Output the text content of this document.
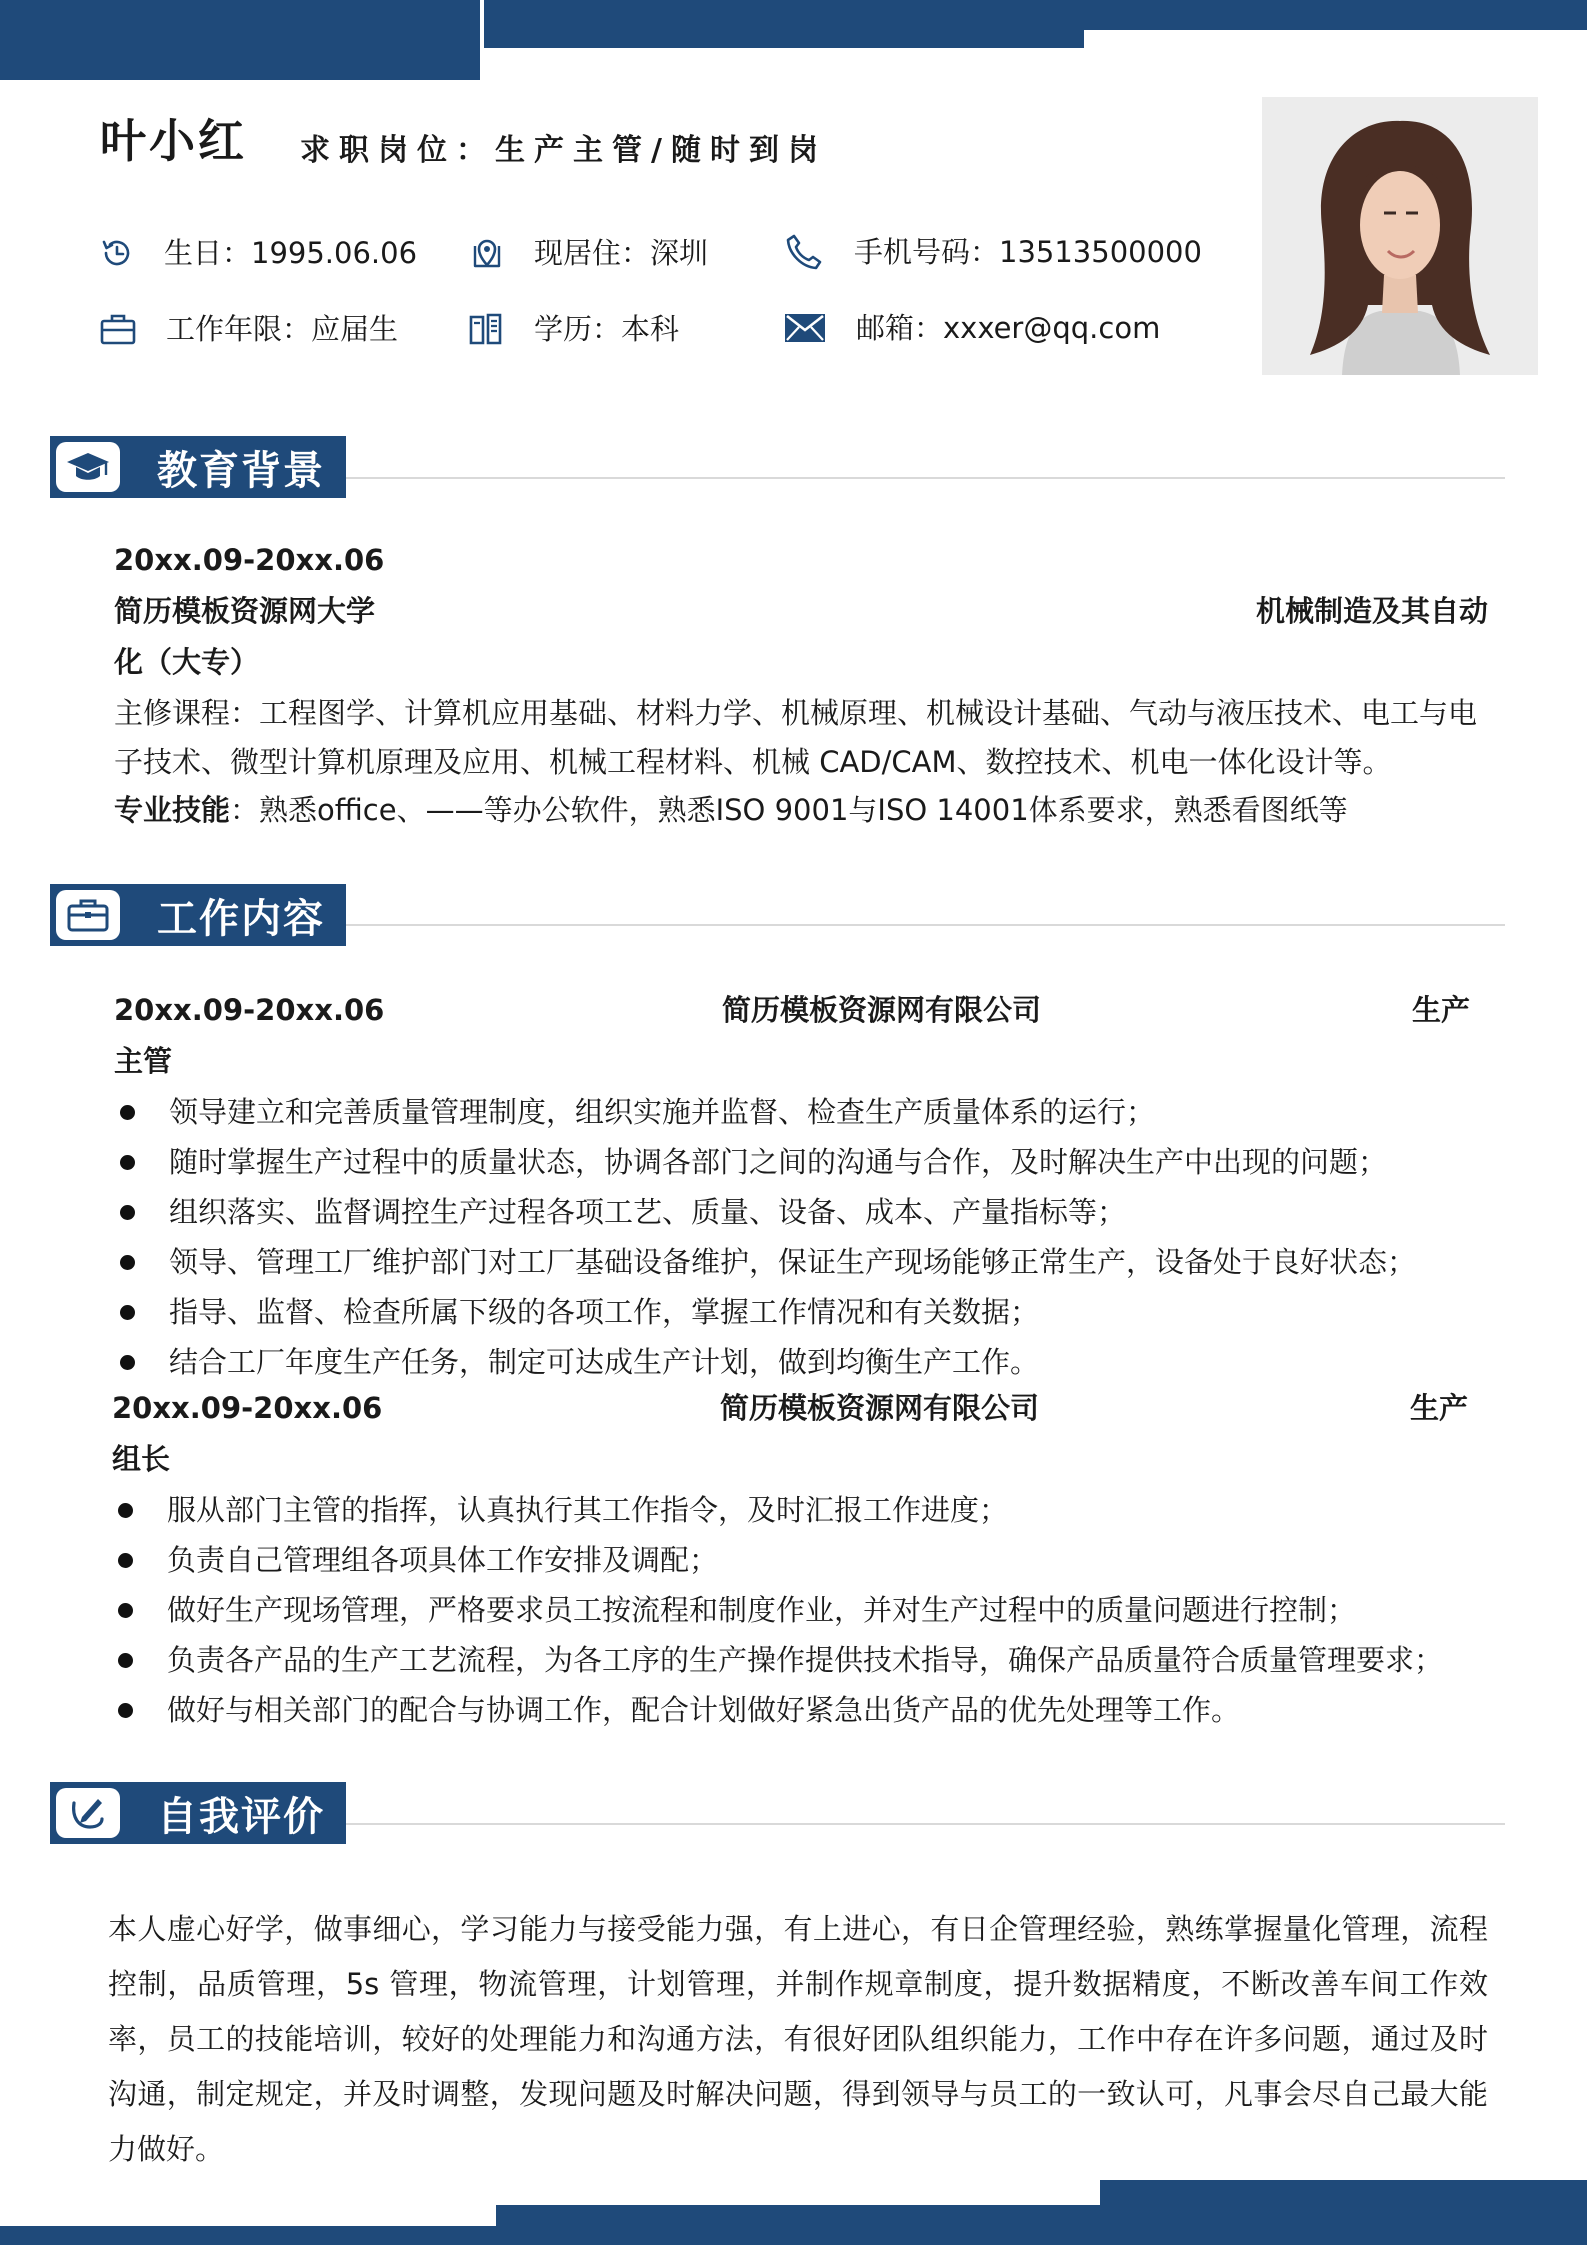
叶小红 求职岗位：生产主管/随时到岗
生日：1995.06.06	现居住：深圳	手机号码：13513500000
工作年限：应届生	学历：本科	邮箱：xxxer@qq.com
教育背景
20xx.09-20xx.06
简历模板资源网大学	机械制造及其自动
化（大专）
主修课程：工程图学、计算机应用基础、材料力学、机械原理、机械设计基础、气动与液压技术、电工与电
子技术、微型计算机原理及应用、机械工程材料、机械 CAD/CAM、数控技术、机电一体化设计等。
专业技能：熟悉office、——等办公软件，熟悉ISO 9001与ISO 14001体系要求，熟悉看图纸等
工作内容
20xx.09-20xx.06	简历模板资源网有限公司	生产
主管
领导建立和完善质量管理制度，组织实施并监督、检查生产质量体系的运行；
随时掌握生产过程中的质量状态，协调各部门之间的沟通与合作，及时解决生产中出现的问题；
组织落实、监督调控生产过程各项工艺、质量、设备、成本、产量指标等；
领导、管理工厂维护部门对工厂基础设备维护，保证生产现场能够正常生产，设备处于良好状态；
指导、监督、检查所属下级的各项工作，掌握工作情况和有关数据；
结合工厂年度生产任务，制定可达成生产计划，做到均衡生产工作。
20xx.09-20xx.06	简历模板资源网有限公司	生产
组长
服从部门主管的指挥，认真执行其工作指令，及时汇报工作进度；
负责自己管理组各项具体工作安排及调配；
做好生产现场管理，严格要求员工按流程和制度作业，并对生产过程中的质量问题进行控制；
负责各产品的生产工艺流程，为各工序的生产操作提供技术指导，确保产品质量符合质量管理要求；
做好与相关部门的配合与协调工作，配合计划做好紧急出货产品的优先处理等工作。
自我评价
本人虚心好学，做事细心，学习能力与接受能力强，有上进心，有日企管理经验，熟练掌握量化管理，流程控制，品质管理，5s 管理，物流管理，计划管理，并制作规章制度，提升数据精度，不断改善车间工作效率，员工的技能培训，较好的处理能力和沟通方法，有很好团队组织能力，工作中存在许多问题，通过及时沟通，制定规定，并及时调整，发现问题及时解决问题，得到领导与员工的一致认可，凡事会尽自己最大能力做好。
